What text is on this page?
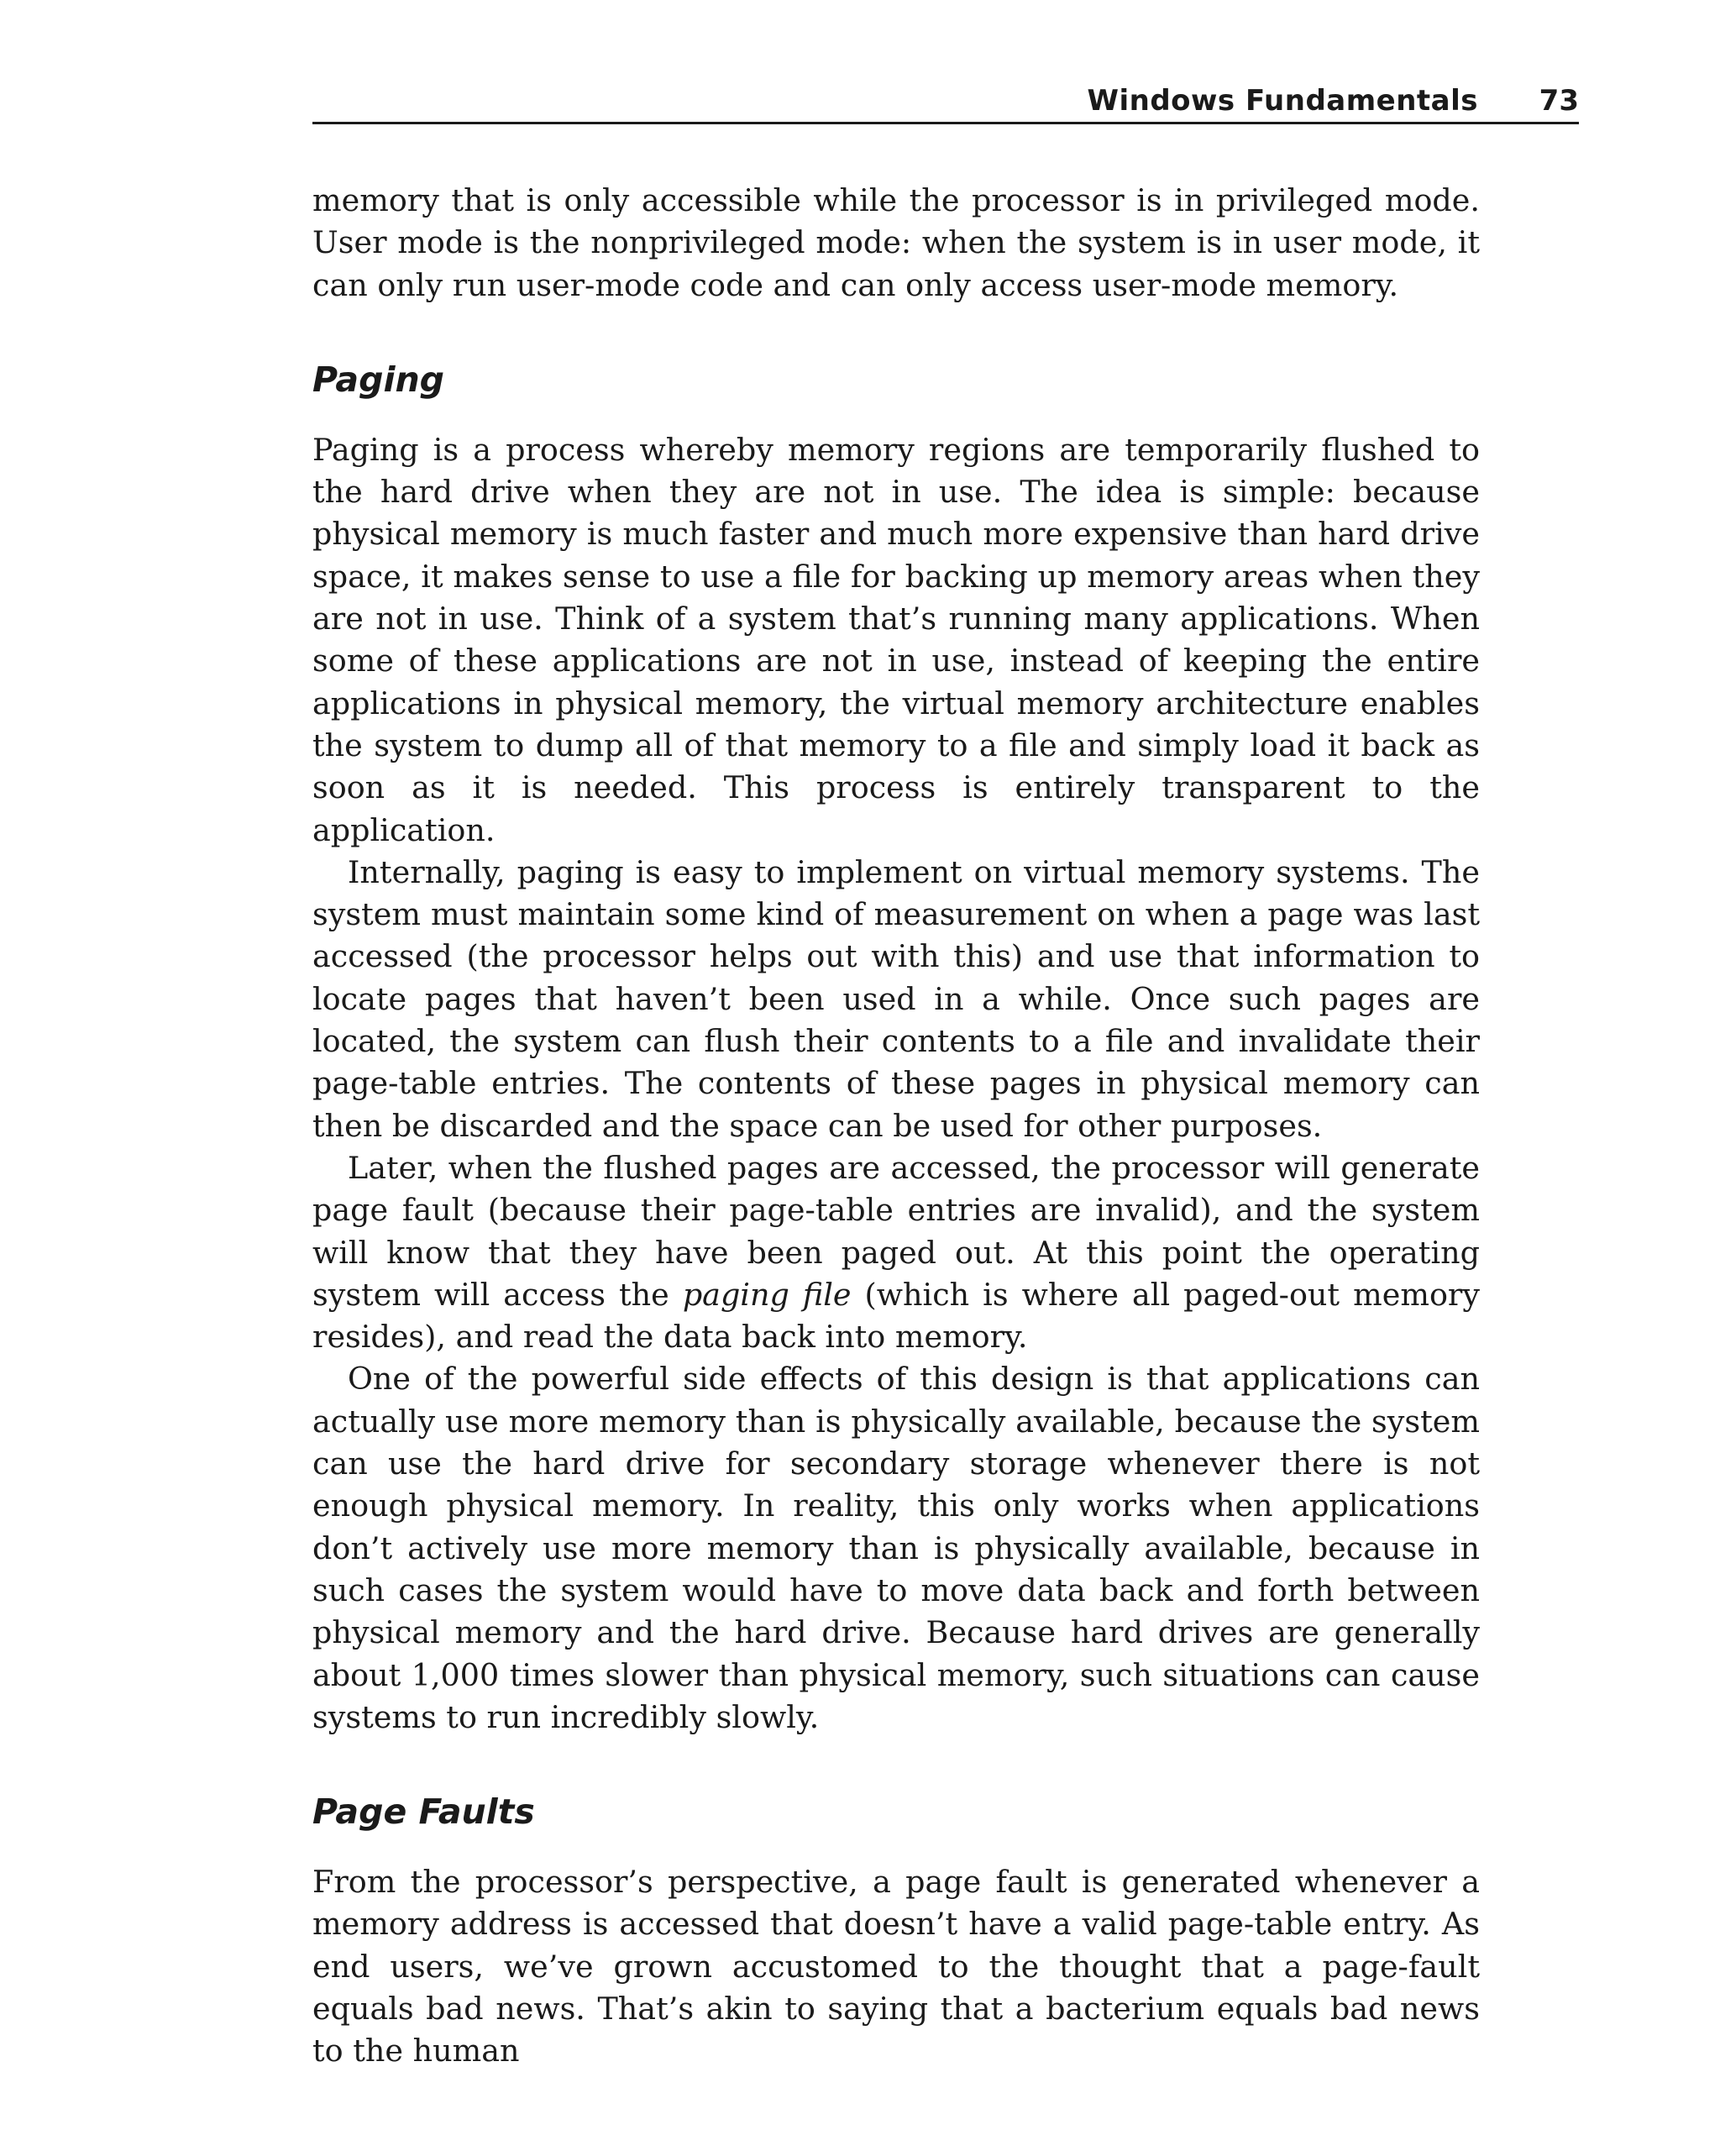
Windows Fundamentals 73

memory that is only accessible while the processor is in privileged mode. User mode is the nonprivileged mode: when the system is in user mode, it can only run user-mode code and can only access user-mode memory.

Paging

Paging is a process whereby memory regions are temporarily flushed to the hard drive when they are not in use. The idea is simple: because physical memory is much faster and much more expensive than hard drive space, it makes sense to use a file for backing up memory areas when they are not in use. Think of a system that’s running many applications. When some of these applications are not in use, instead of keeping the entire applications in physical memory, the virtual memory architecture enables the system to dump all of that memory to a file and simply load it back as soon as it is needed. This process is entirely transparent to the application.

Internally, paging is easy to implement on virtual memory systems. The system must maintain some kind of measurement on when a page was last accessed (the processor helps out with this) and use that information to locate pages that haven’t been used in a while. Once such pages are located, the system can flush their contents to a file and invalidate their page-table entries. The contents of these pages in physical memory can then be discarded and the space can be used for other purposes.

Later, when the flushed pages are accessed, the processor will generate page fault (because their page-table entries are invalid), and the system will know that they have been paged out. At this point the operating system will access the paging file (which is where all paged-out memory resides), and read the data back into memory.

One of the powerful side effects of this design is that applications can actually use more memory than is physically available, because the system can use the hard drive for secondary storage whenever there is not enough physical memory. In reality, this only works when applications don’t actively use more memory than is physically available, because in such cases the system would have to move data back and forth between physical memory and the hard drive. Because hard drives are generally about 1,000 times slower than physical memory, such situations can cause systems to run incredibly slowly.

Page Faults

From the processor’s perspective, a page fault is generated whenever a memory address is accessed that doesn’t have a valid page-table entry. As end users, we’ve grown accustomed to the thought that a page-fault equals bad news. That’s akin to saying that a bacterium equals bad news to the human
